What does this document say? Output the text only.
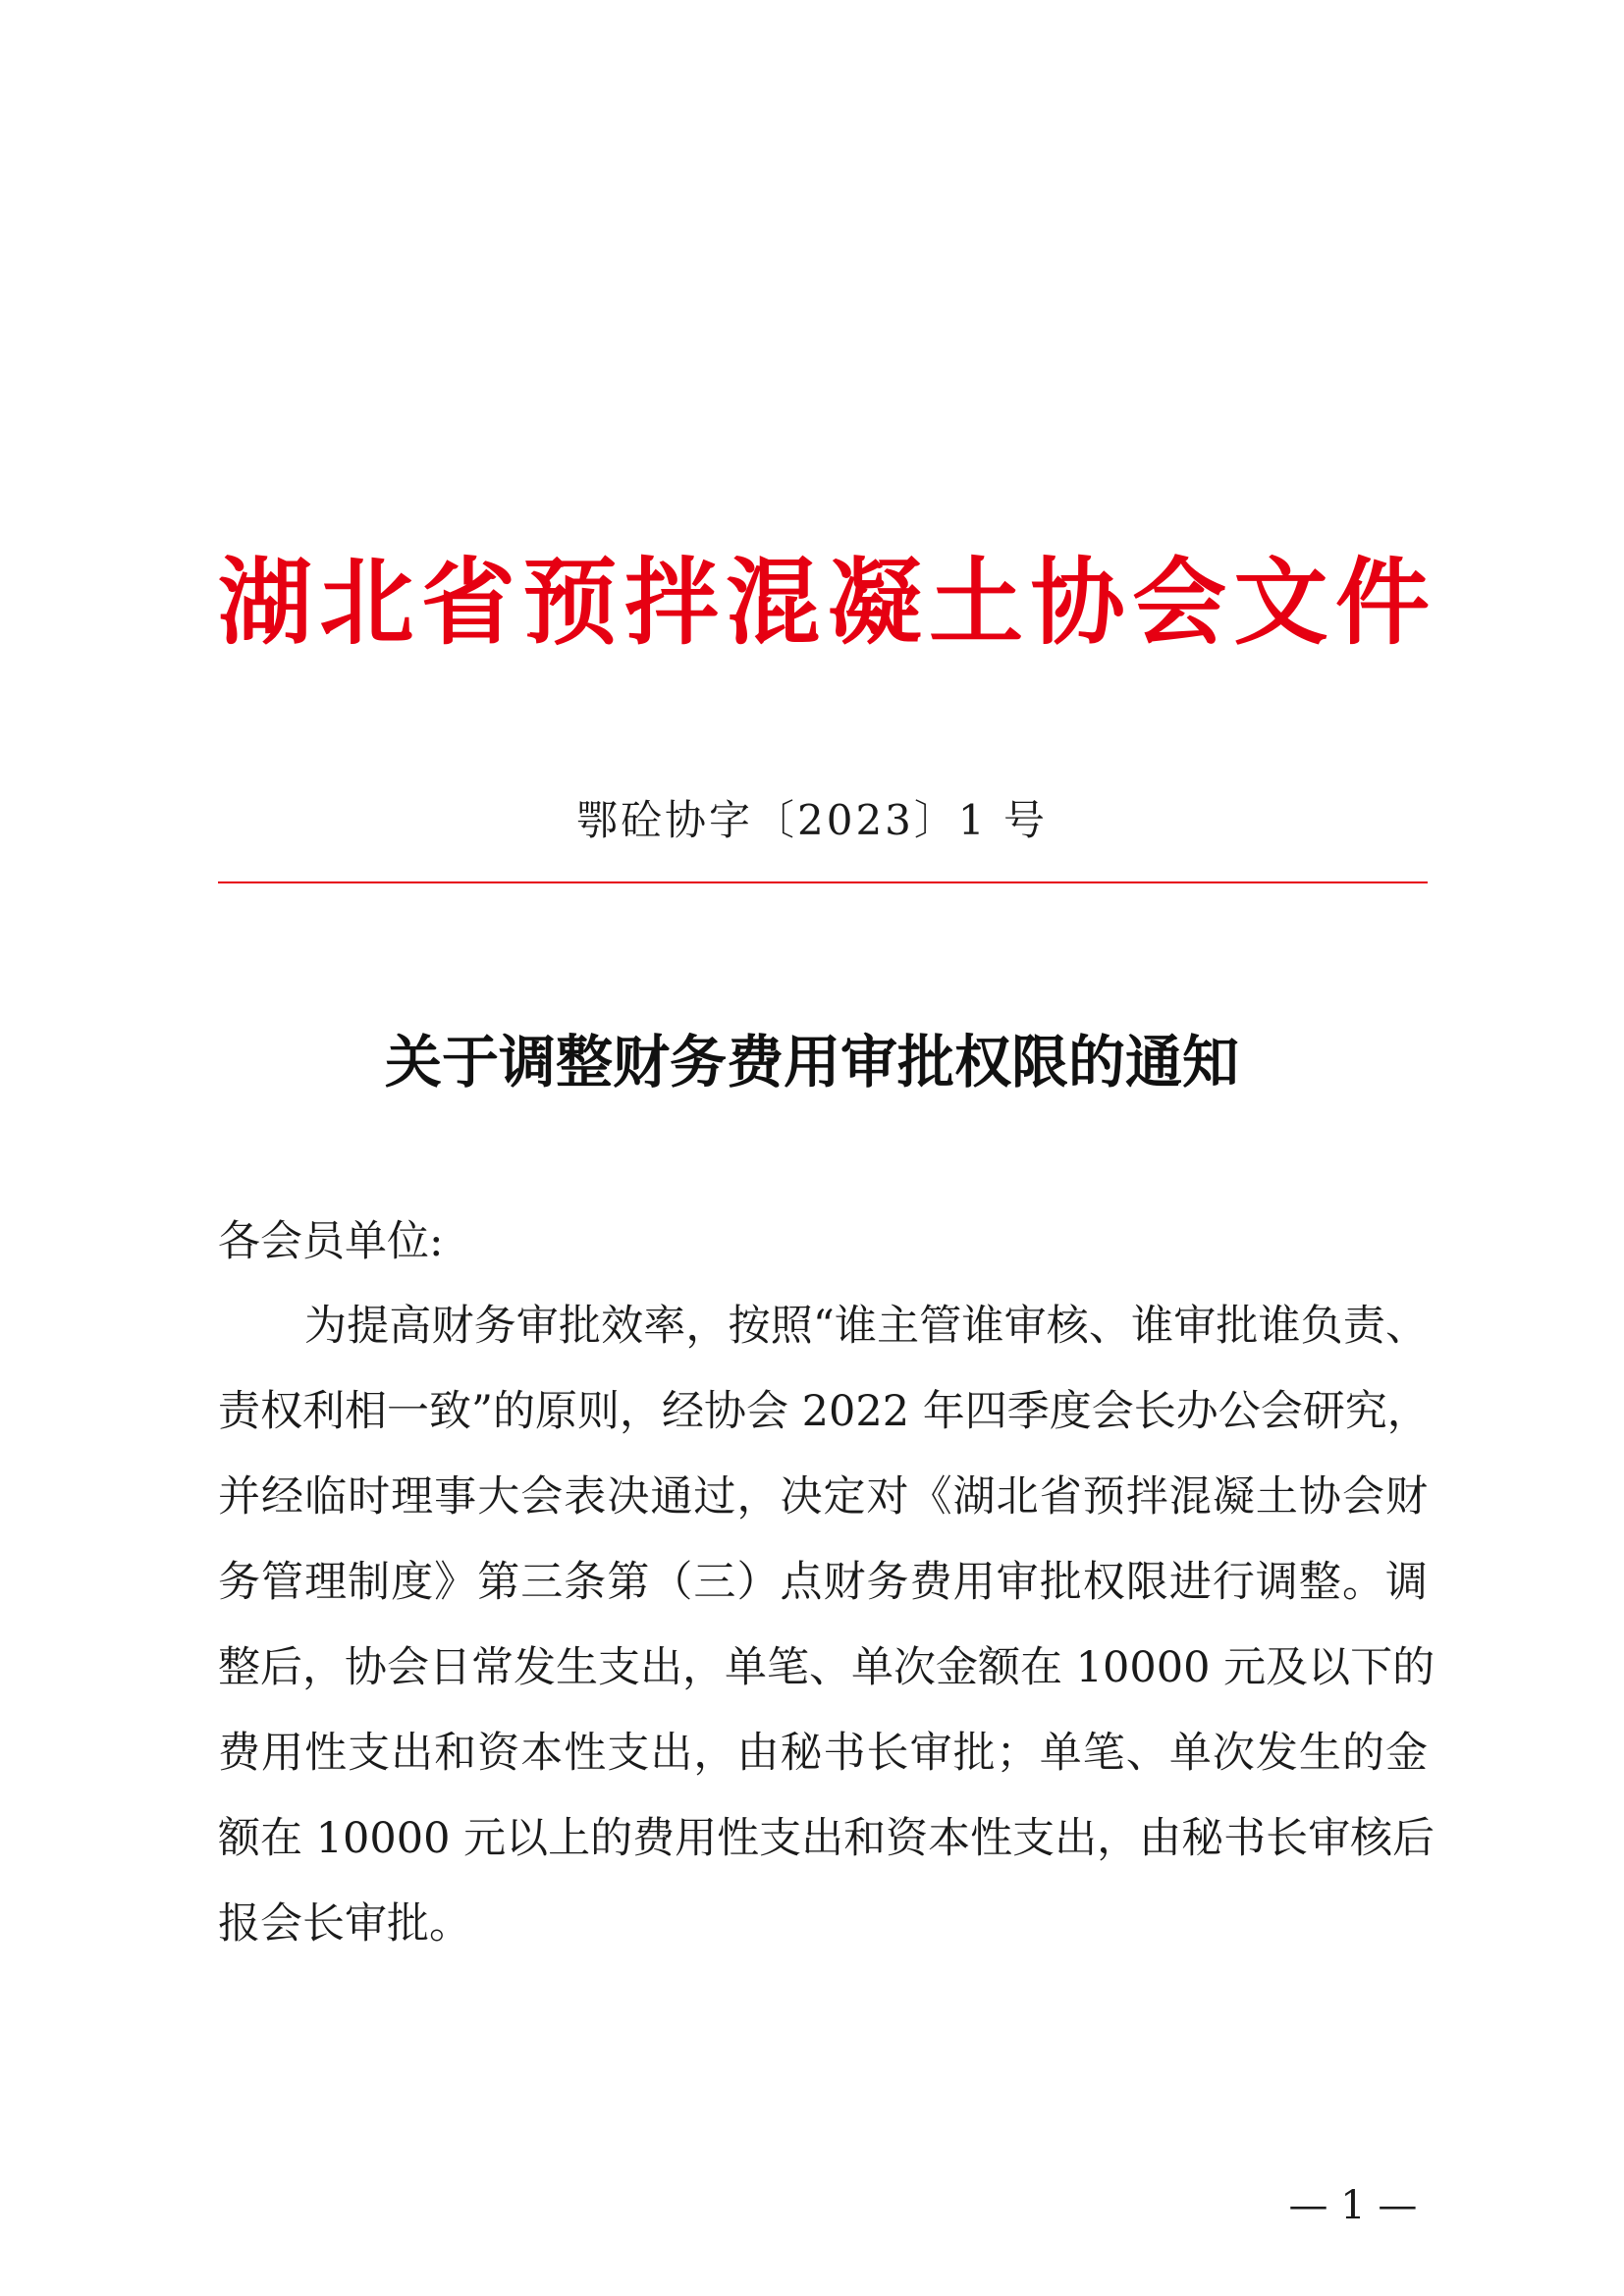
湖北省预拌混凝土协会文件
鄂砼协字〔2023〕1 号
关于调整财务费用审批权限的通知
各会员单位:
为提高财务审批效率，按照“谁主管谁审核、谁审批谁负责、
责权利相一致”的原则，经协会 2022 年四季度会长办公会研究，
并经临时理事大会表决通过，决定对《湖北省预拌混凝土协会财
务管理制度》第三条第（三）点财务费用审批权限进行调整。调
整后，协会日常发生支出，单笔、单次金额在 10000 元及以下的
费用性支出和资本性支出，由秘书长审批；单笔、单次发生的金
额在 10000 元以上的费用性支出和资本性支出，由秘书长审核后
报会长审批。
— 1 —
